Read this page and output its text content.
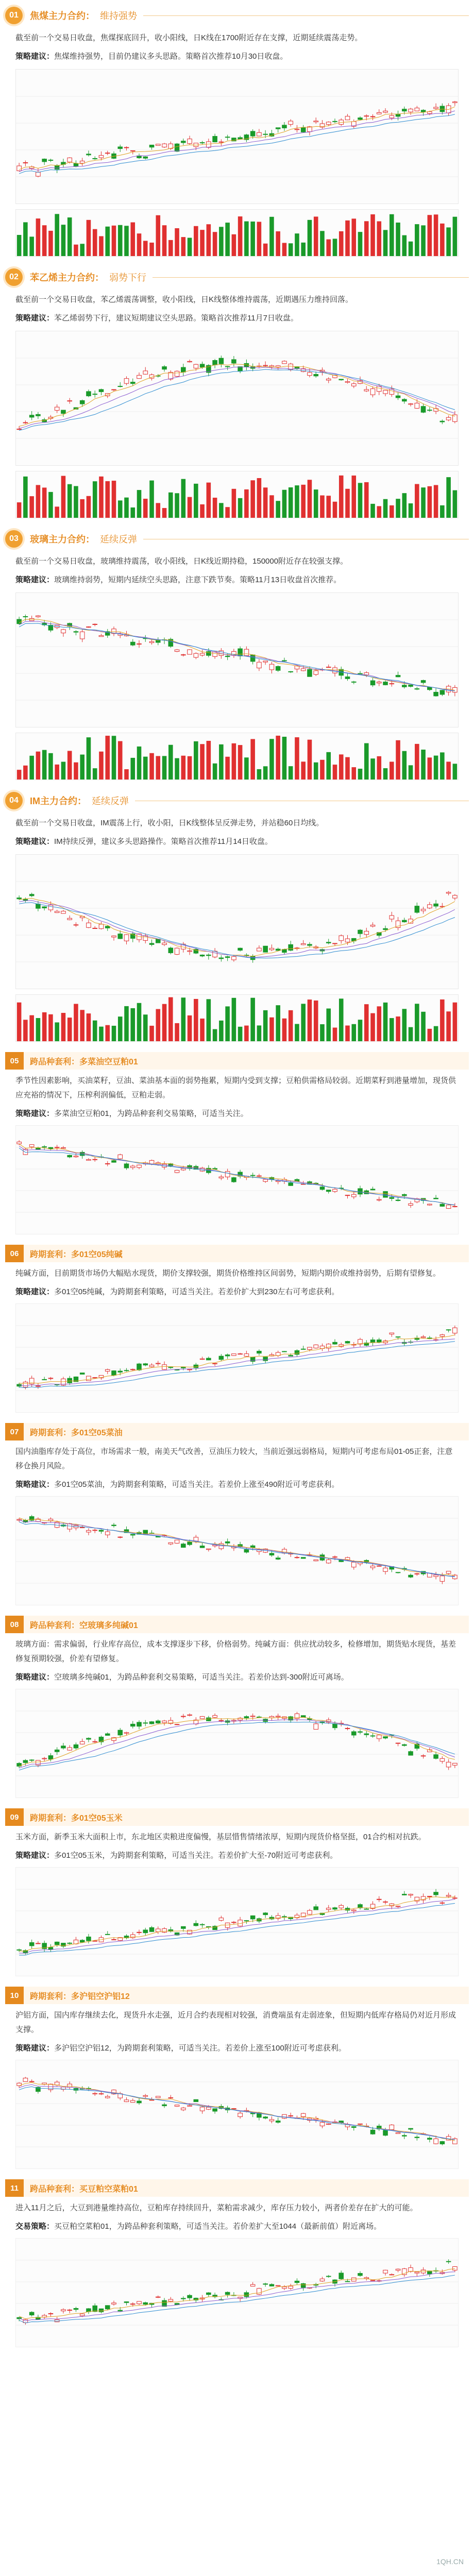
01	焦煤主力合约： 维持强势
截至前一个交易日收盘，焦煤探底回升，收小阳线，日K线在1700附近存在支撑，近期延续震荡走势。
策略建议：焦煤维持强势，目前仍建议多头思路。策略首次推荐10月30日收盘。
02	苯乙烯主力合约： 弱势下行
截至前一个交易日收盘，苯乙烯震荡调整，收小阳线，日K线整体维持震荡，近期遇压力维持回落。
策略建议：苯乙烯弱势下行，建议短期建议空头思路。策略首次推荐11月7日收盘。
03	玻璃主力合约： 延续反弹
截至前一个交易日收盘，玻璃维持震荡，收小阳线，日K线近期持稳，150000附近存在较强支撑。
策略建议：玻璃维持弱势，短期内延续空头思路，注意下跌节奏。策略11月13日收盘首次推荐。
04	IM主力合约： 延续反弹
截至前一个交易日收盘，IM震荡上行，收小阳，日K线整体呈反弹走势，并站稳60日均线。
策略建议：IM持续反弹，建议多头思路操作。策略首次推荐11月14日收盘。
05	跨品种套利：多菜油空豆粕01
季节性因素影响，买油菜籽，豆油、菜油基本面的弱势拖累，短期内受到支撑；豆粕供需格局较弱。近期菜籽到港量增加，现货供应充裕的情况下，压榨利润偏低，豆粕走弱。
策略建议：多菜油空豆粕01，为跨品种套利交易策略，可适当关注。
06	跨期套利：多01空05纯碱
纯碱方面，目前期货市场仍大幅贴水现货，期价支撑较强，期货价格维持区间弱势，短期内期价或维持弱势，后期有望修复。
策略建议：多01空05纯碱，为跨期套利策略，可适当关注。若差价扩大到230左右可考虑获利。
07	跨期套利：多01空05菜油
国内油脂库存处于高位，市场需求一般，南美天气改善，豆油压力较大，当前近强远弱格局，短期内可考虑布局01-05正套，注意移仓换月风险。
策略建议：多01空05菜油，为跨期套利策略，可适当关注。若差价上涨至490附近可考虑获利。
08	跨品种套利：空玻璃多纯碱01
玻璃方面：需求偏弱，行业库存高位，成本支撑逐步下移，价格弱势。纯碱方面：供应扰动较多，检修增加，期货贴水现货，基差修复预期较强，价差有望修复。
策略建议：空玻璃多纯碱01，为跨品种套利交易策略，可适当关注。若差价达到-300附近可离场。
09	跨期套利：多01空05玉米
玉米方面，新季玉米大面积上市，东北地区卖粮进度偏慢，基层惜售情绪浓厚，短期内现货价格坚挺，01合约相对抗跌。
策略建议：多01空05玉米，为跨期套利策略，可适当关注。若差价扩大至-70附近可考虑获利。
10	跨期套利：多沪铝空沪铝12
沪铝方面，国内库存继续去化，现货升水走强，近月合约表现相对较强，消费端虽有走弱迹象，但短期内低库存格局仍对近月形成支撑。
策略建议：多沪铝空沪铝12，为跨期套利策略，可适当关注。若差价上涨至100附近可考虑获利。
11	跨品种套利：买豆粕空菜粕01
进入11月之后，大豆到港量维持高位，豆粕库存持续回升，菜粕需求减少，库存压力较小，两者价差存在扩大的可能。
交易策略：买豆粕空菜粕01，为跨品种套利策略，可适当关注。若价差扩大至1044（最新前值）附近离场。
1QH.CN
